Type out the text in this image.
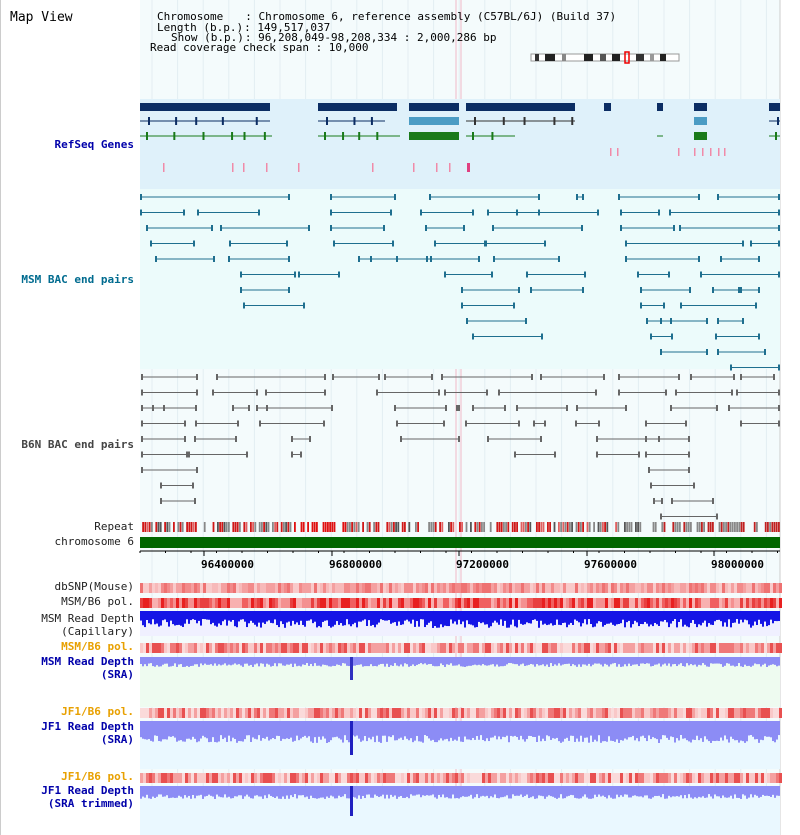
Map View	Chromosome : Chromosome 6, reference assembly (C57BL/6J) (Build 37)
Length (b.p.): 149,517,037
Show (b.p.): 96,208,049-98,208,334 : 2,000,286 bp
Read coverage check span : 10,000
RefSeq Genes
MSM BAC end pairs
B6N BAC end pairs
Repeat
chromosome 6
dbSNP(Mouse)
MSM/B6 pol.
MSM Read Depth
(Capillary)
MSM/B6 pol.
MSM Read Depth
(SRA)
JF1/B6 pol.
JF1 Read Depth
(SRA)
JF1/B6 pol.
JF1 Read Depth
(SRA trimmed)
96400000	96800000	97200000	97600000	98000000
